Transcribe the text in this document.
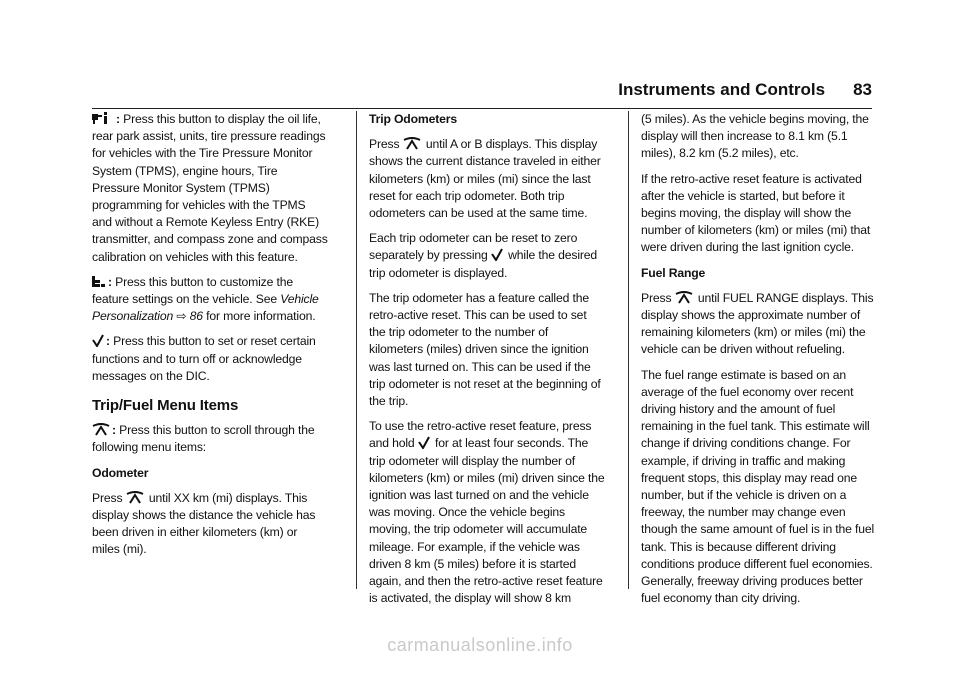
Instruments and Controls 83

: Press this button to display the oil life, rear park assist, units, tire pressure readings for vehicles with the Tire Pressure Monitor System (TPMS), engine hours, Tire Pressure Monitor System (TPMS) programming for vehicles with the TPMS and without a Remote Keyless Entry (RKE) transmitter, and compass zone and compass calibration on vehicles with this feature.

: Press this button to customize the feature settings on the vehicle. See Vehicle Personalization ⇨ 86 for more information.

: Press this button to set or reset certain functions and to turn off or acknowledge messages on the DIC.

Trip/Fuel Menu Items

: Press this button to scroll through the following menu items:

Odometer

Press
until XX km (mi) displays. This display shows the distance the vehicle has been driven in either kilometers (km) or miles (mi).

Trip Odometers

Press
until A or B displays. This display shows the current distance traveled in either kilometers (km) or miles (mi) since the last reset for each trip odometer. Both trip odometers can be used at the same time.

Each trip odometer can be reset to zero separately by pressing
while the desired trip odometer is displayed.

The trip odometer has a feature called the retro-active reset. This can be used to set the trip odometer to the number of kilometers (miles) driven since the ignition was last turned on. This can be used if the trip odometer is not reset at the beginning of the trip.

To use the retro-active reset feature, press and hold
for at least four seconds. The trip odometer will display the number of kilometers (km) or miles (mi) driven since the ignition was last turned on and the vehicle was moving. Once the vehicle begins moving, the trip odometer will accumulate mileage. For example, if the vehicle was driven 8 km (5 miles) before it is started again, and then the retro-active reset feature is activated, the display will show 8 km

(5 miles). As the vehicle begins moving, the display will then increase to 8.1 km (5.1 miles), 8.2 km (5.2 miles), etc.

If the retro-active reset feature is activated after the vehicle is started, but before it begins moving, the display will show the number of kilometers (km) or miles (mi) that were driven during the last ignition cycle.

Fuel Range

Press
until FUEL RANGE displays. This display shows the approximate number of remaining kilometers (km) or miles (mi) the vehicle can be driven without refueling.

The fuel range estimate is based on an average of the fuel economy over recent driving history and the amount of fuel remaining in the fuel tank. This estimate will change if driving conditions change. For example, if driving in traffic and making frequent stops, this display may read one number, but if the vehicle is driven on a freeway, the number may change even though the same amount of fuel is in the fuel tank. This is because different driving conditions produce different fuel economies. Generally, freeway driving produces better fuel economy than city driving.

carmanualsonline.info
